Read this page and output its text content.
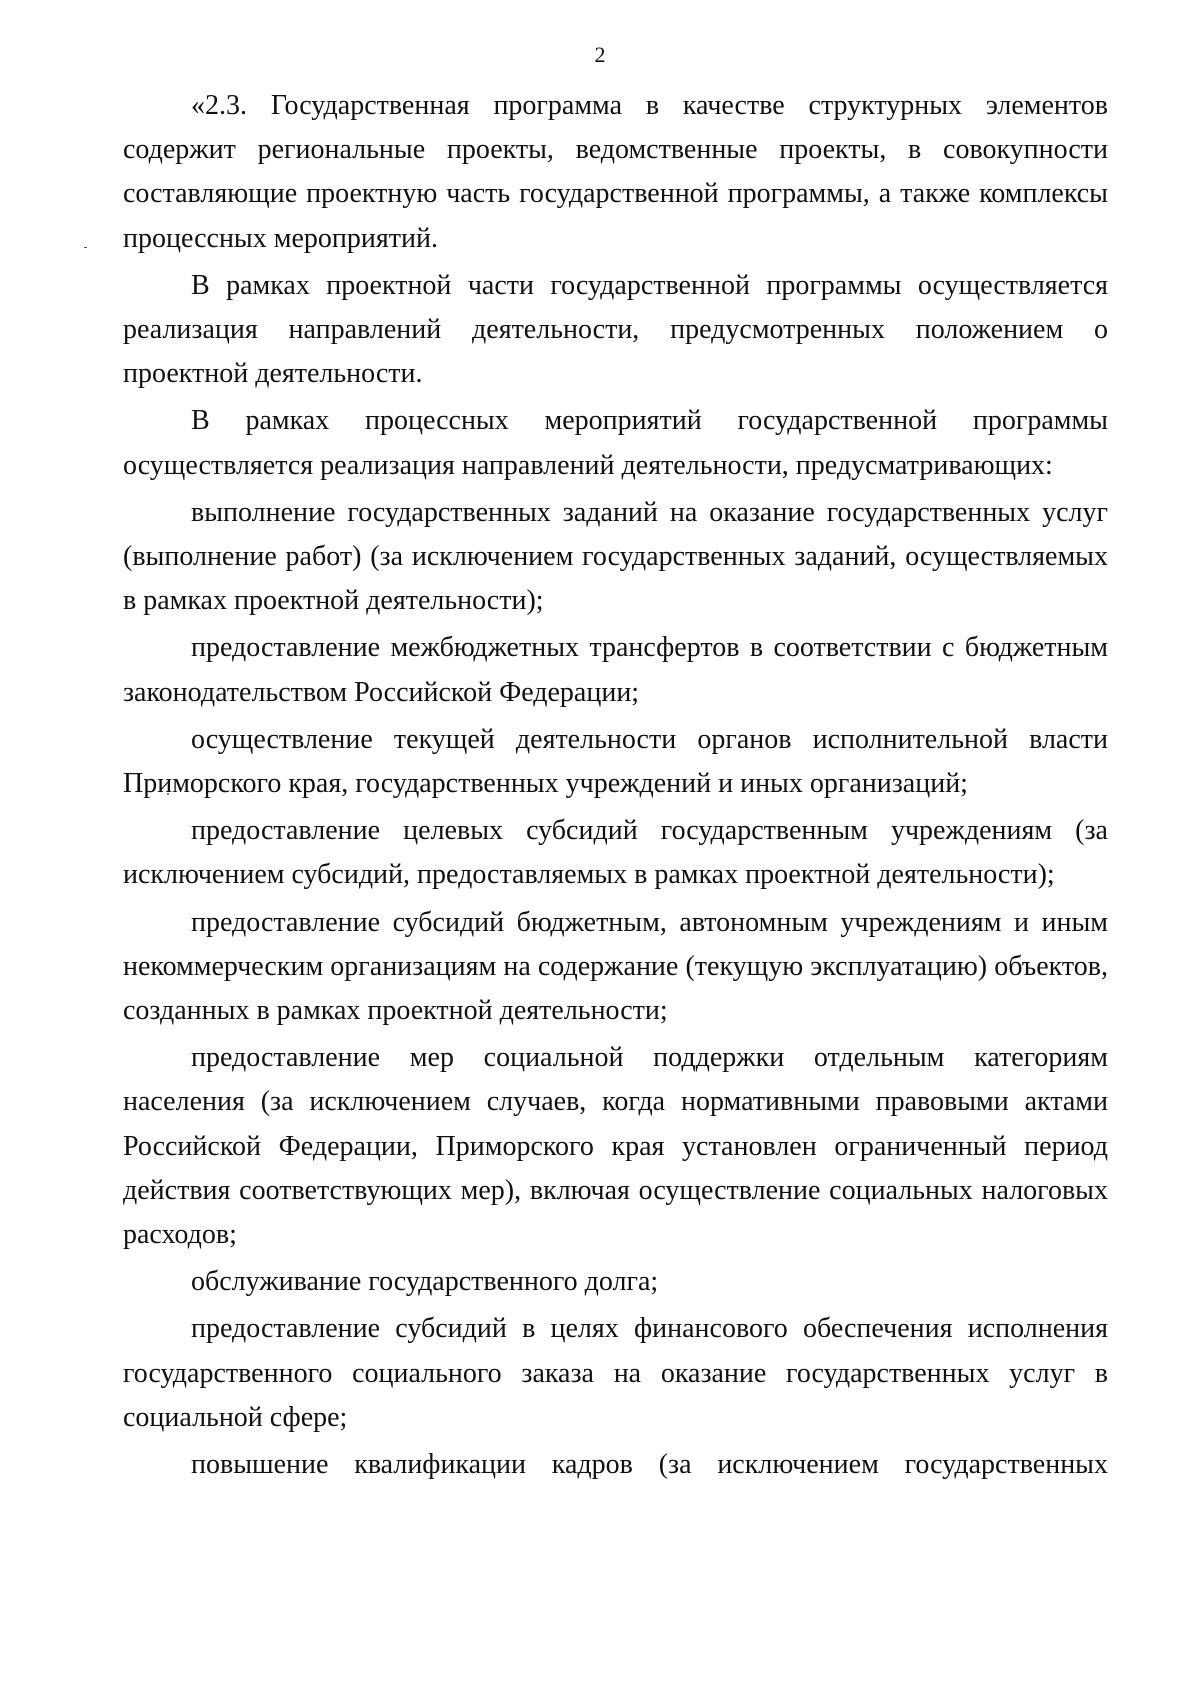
2

«2.3. Государственная программа в качестве структурных элементов содержит региональные проекты, ведомственные проекты, в совокупности составляющие проектную часть государственной программы, а также комплексы процессных мероприятий.

В рамках проектной части государственной программы осуществляется реализация направлений деятельности, предусмотренных положением о проектной деятельности.

В рамках процессных мероприятий государственной программы осуществляется реализация направлений деятельности, предусматривающих:

выполнение государственных заданий на оказание государственных услуг (выполнение работ) (за исключением государственных заданий, осуществляемых в рамках проектной деятельности);

предоставление межбюджетных трансфертов в соответствии с бюджетным законодательством Российской Федерации;

осуществление текущей деятельности органов исполнительной власти Приморского края, государственных учреждений и иных организаций;

предоставление целевых субсидий государственным учреждениям (за исключением субсидий, предоставляемых в рамках проектной деятельности);

предоставление субсидий бюджетным, автономным учреждениям и иным некоммерческим организациям на содержание (текущую эксплуатацию) объектов, созданных в рамках проектной деятельности;

предоставление мер социальной поддержки отдельным категориям населения (за исключением случаев, когда нормативными правовыми актами Российской Федерации, Приморского края установлен ограниченный период действия соответствующих мер), включая осуществление социальных налоговых расходов;

обслуживание государственного долга;

предоставление субсидий в целях финансового обеспечения исполнения государственного социального заказа на оказание государственных услуг в социальной сфере;

повышение квалификации кадров (за исключением государственных
